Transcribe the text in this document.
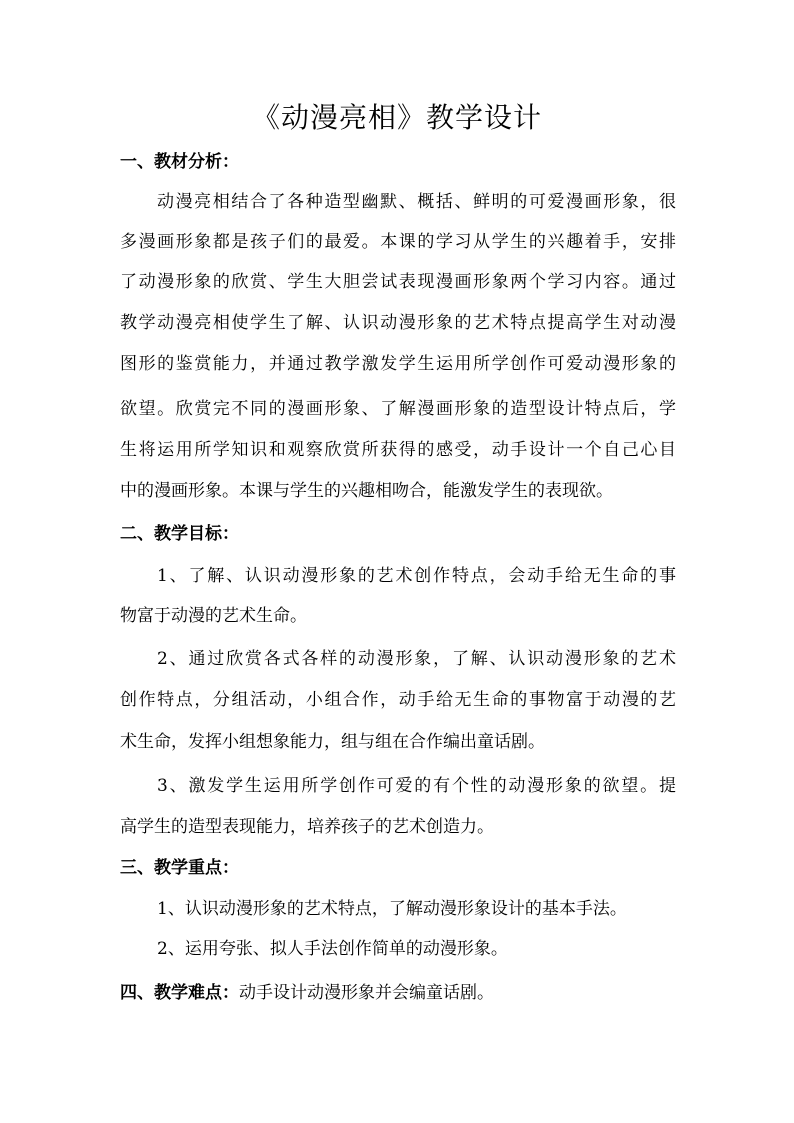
《动漫亮相》教学设计
一、教材分析：
动漫亮相结合了各种造型幽默、概括、鲜明的可爱漫画形象，很
多漫画形象都是孩子们的最爱。本课的学习从学生的兴趣着手，安排
了动漫形象的欣赏、学生大胆尝试表现漫画形象两个学习内容。通过
教学动漫亮相使学生了解、认识动漫形象的艺术特点提高学生对动漫
图形的鉴赏能力，并通过教学激发学生运用所学创作可爱动漫形象的
欲望。欣赏完不同的漫画形象、了解漫画形象的造型设计特点后，学
生将运用所学知识和观察欣赏所获得的感受，动手设计一个自己心目
中的漫画形象。本课与学生的兴趣相吻合，能激发学生的表现欲。
二、教学目标：
1、了解、认识动漫形象的艺术创作特点，会动手给无生命的事
物富于动漫的艺术生命。
2、通过欣赏各式各样的动漫形象，了解、认识动漫形象的艺术
创作特点，分组活动，小组合作，动手给无生命的事物富于动漫的艺
术生命，发挥小组想象能力，组与组在合作编出童话剧。
3、激发学生运用所学创作可爱的有个性的动漫形象的欲望。提
高学生的造型表现能力，培养孩子的艺术创造力。
三、教学重点：
1、认识动漫形象的艺术特点，了解动漫形象设计的基本手法。
2、运用夸张、拟人手法创作简单的动漫形象。
四、教学难点：动手设计动漫形象并会编童话剧。
